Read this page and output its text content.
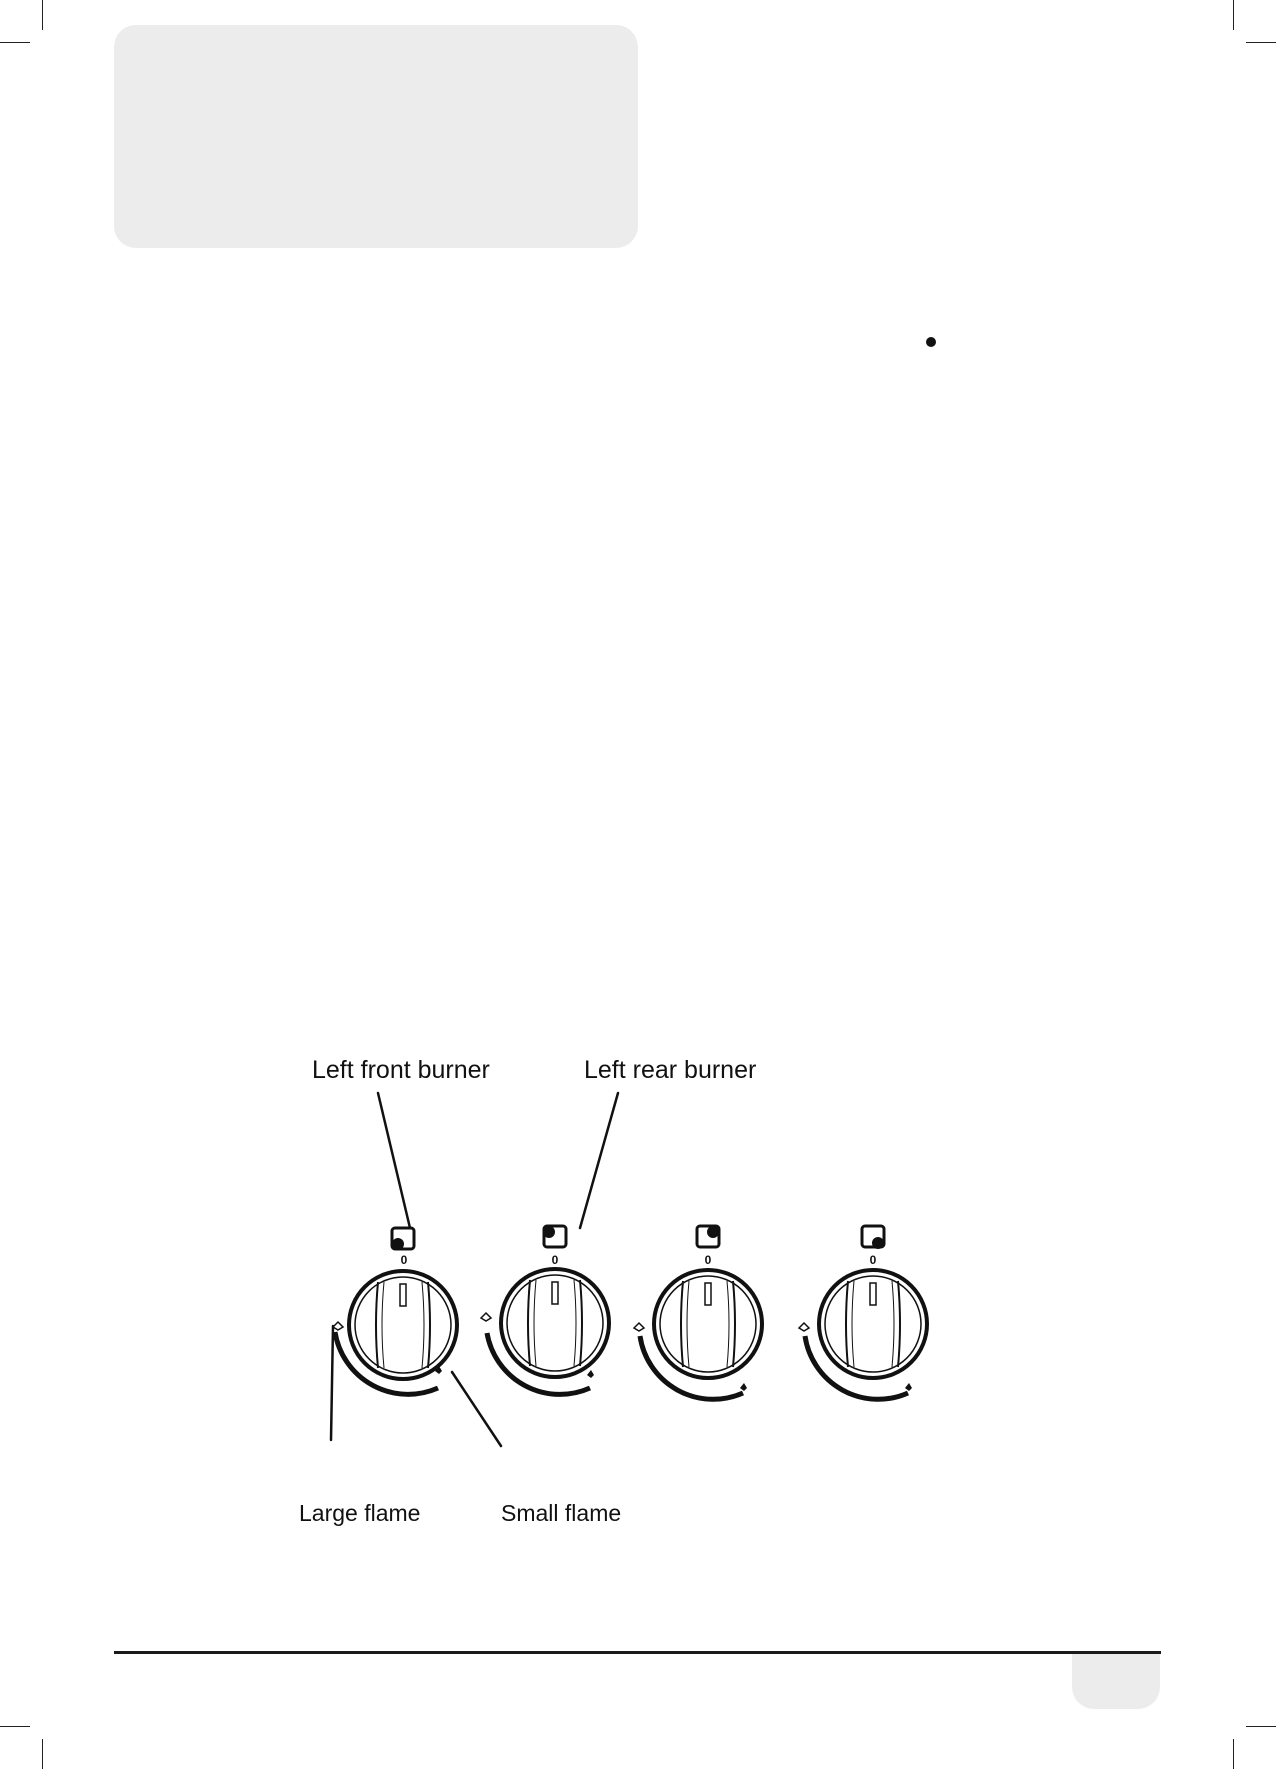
0	0	0	0
Left front burner	Left rear burner
Large flame	Small flame
